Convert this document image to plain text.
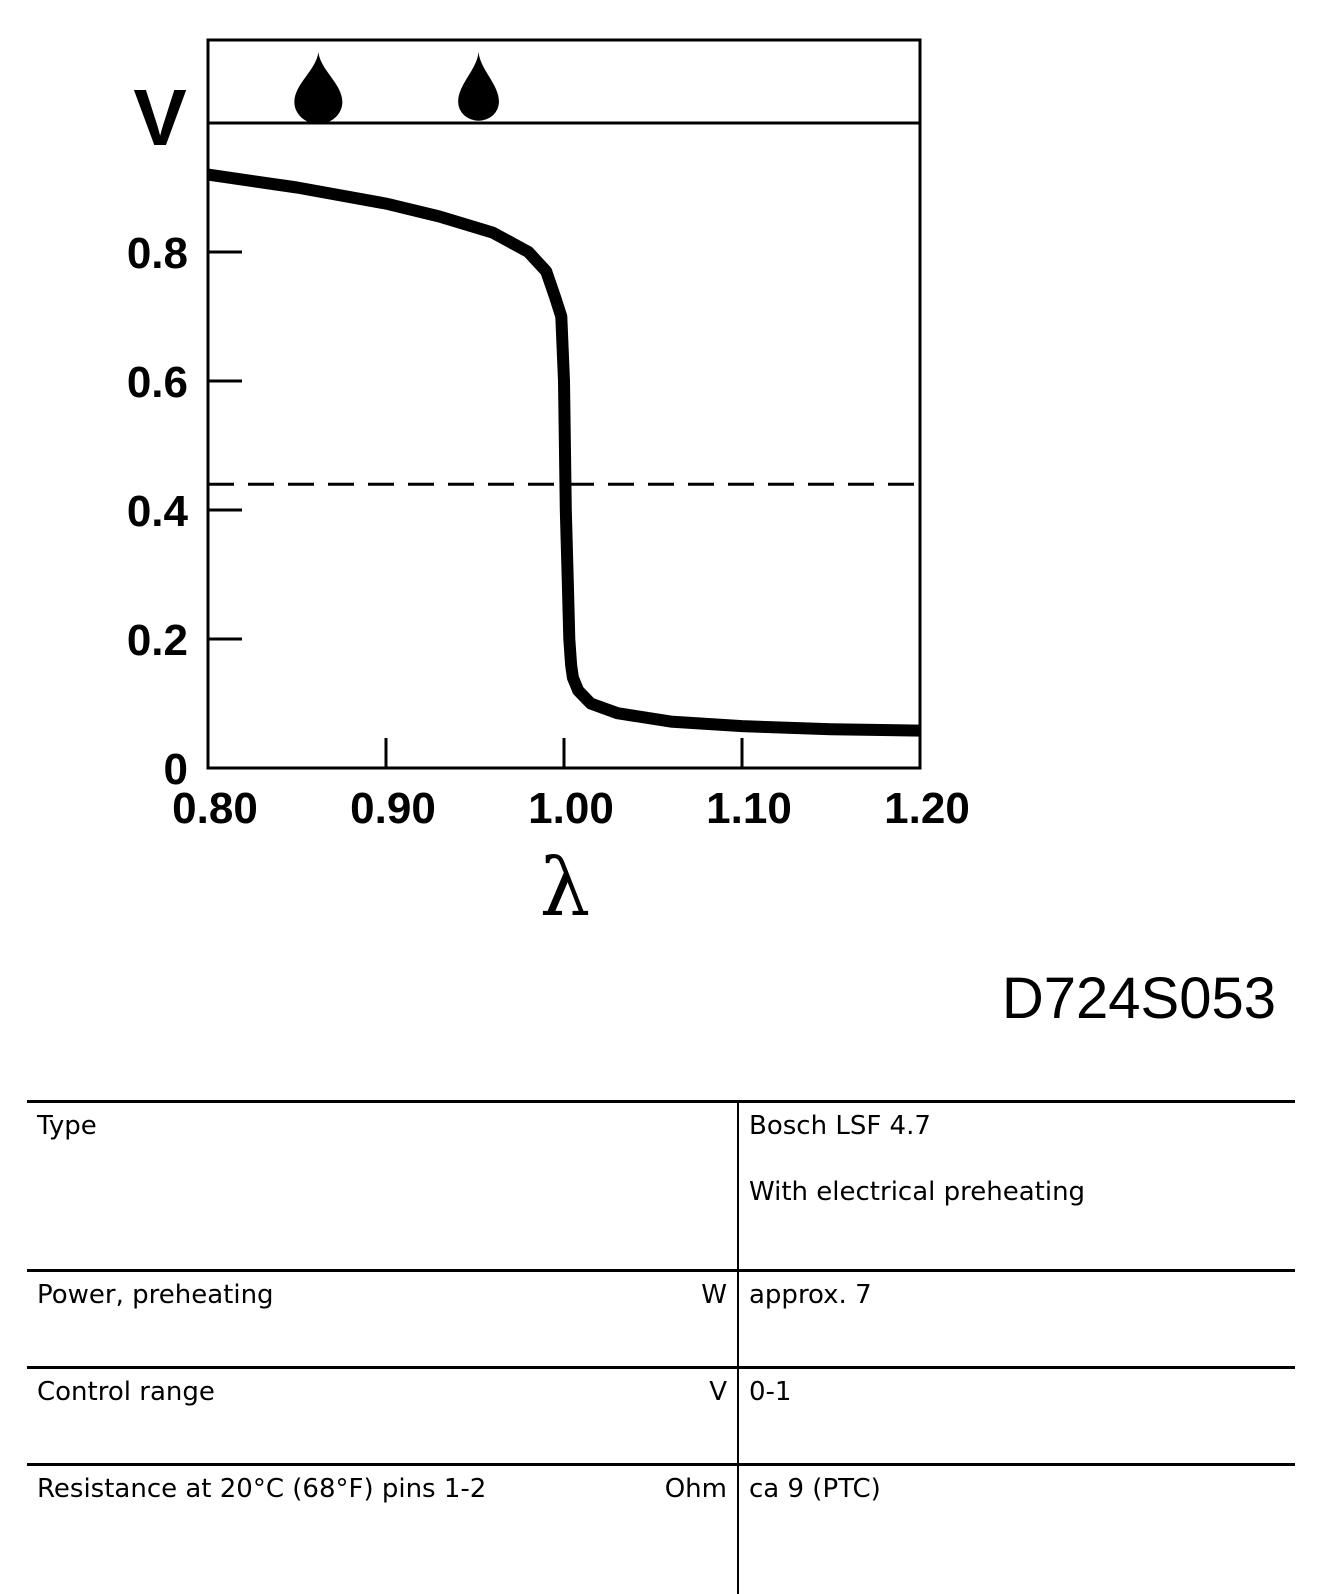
0
0.2
0.4
0.6
0.8
0.80 0.90 1.00 1.10 1.20
V
λ
D724S053
Type		Bosch LSF 4.7

With electrical preheating

Power, preheating	W	approx. 7
Control range	V	0-1
Resistance at 20°C (68°F) pins 1-2	Ohm	ca 9 (PTC)
